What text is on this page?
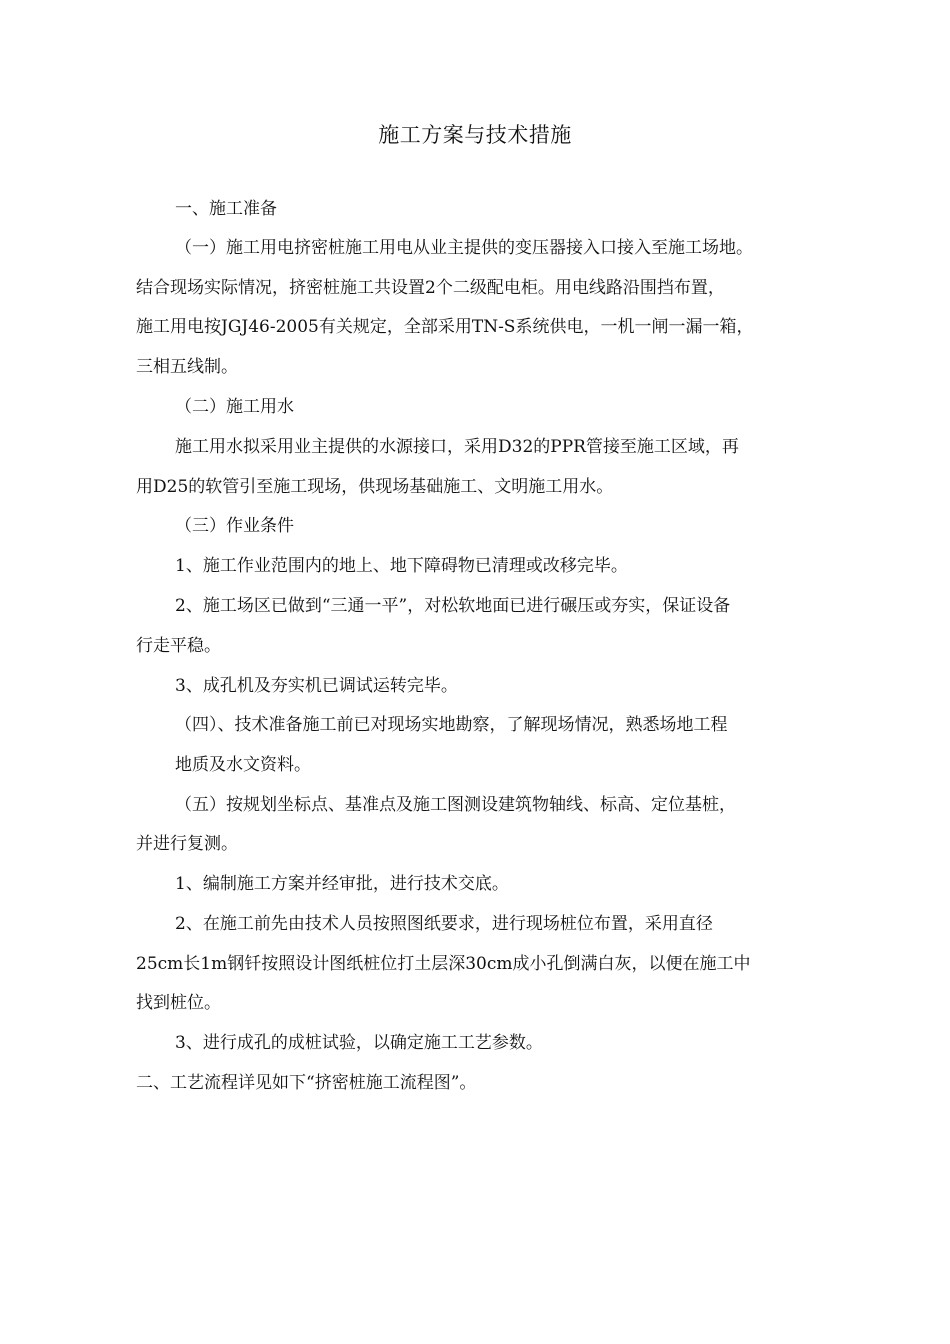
施工方案与技术措施
一、施工准备
（一）施工用电挤密桩施工用电从业主提供的变压器接入口接入至施工场地。
结合现场实际情况，挤密桩施工共设置2个二级配电柜。用电线路沿围挡布置，
施工用电按JGJ46-2005有关规定，全部采用TN-S系统供电，一机一闸一漏一箱，
三相五线制。
（二）施工用水
施工用水拟采用业主提供的水源接口，采用D32的PPR管接至施工区域，再
用D25的软管引至施工现场，供现场基础施工、文明施工用水。
（三）作业条件
1、施工作业范围内的地上、地下障碍物已清理或改移完毕。
2、施工场区已做到“三通一平”，对松软地面已进行碾压或夯实，保证设备
行走平稳。
3、成孔机及夯实机已调试运转完毕。
（四）、技术准备施工前已对现场实地勘察，了解现场情况，熟悉场地工程
地质及水文资料。
（五）按规划坐标点、基准点及施工图测设建筑物轴线、标高、定位基桩，
并进行复测。
1、编制施工方案并经审批，进行技术交底。
2、在施工前先由技术人员按照图纸要求，进行现场桩位布置，采用直径
25cm长1m钢钎按照设计图纸桩位打土层深30cm成小孔倒满白灰，以便在施工中
找到桩位。
3、进行成孔的成桩试验，以确定施工工艺参数。
二、工艺流程详见如下“挤密桩施工流程图”。
